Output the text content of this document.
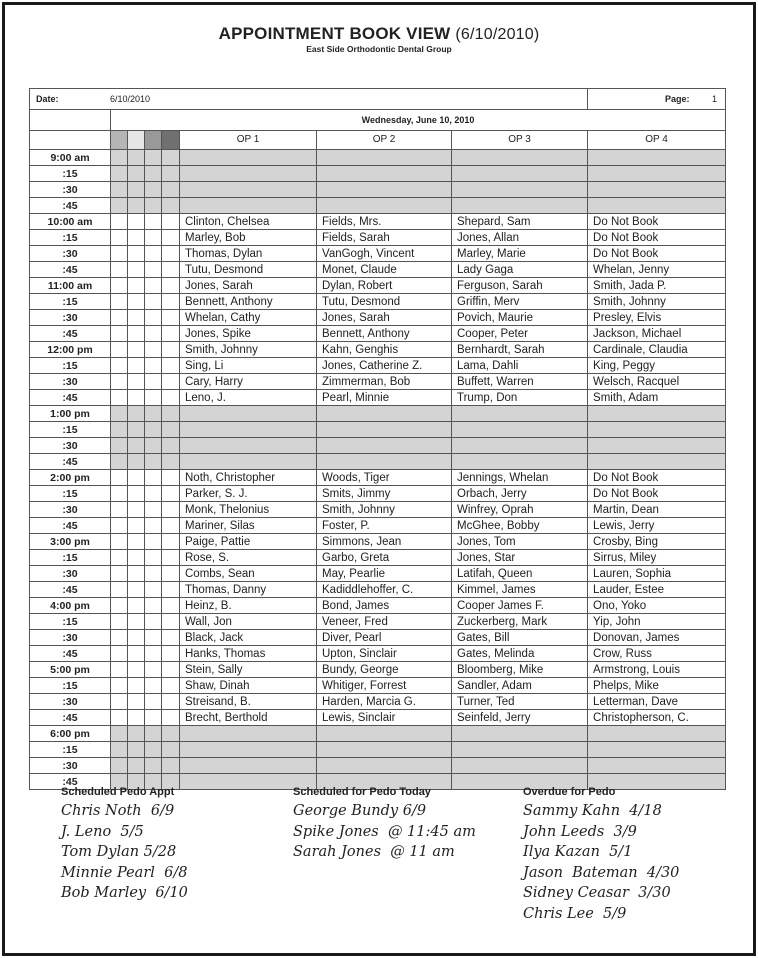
APPOINTMENT BOOK VIEW (6/10/2010)
East Side Orthodontic Dental Group
Date: 6/10/2010								Page: 1
	Wednesday, June 10, 2010							
					OP 1	OP 2	OP 3	OP 4
9:00 am								
:15								
:30								
:45								
10:00 am					Clinton, Chelsea	Fields, Mrs.	Shepard, Sam	Do Not Book
:15					Marley, Bob	Fields, Sarah	Jones, Allan	Do Not Book
:30					Thomas, Dylan	VanGogh, Vincent	Marley, Marie	Do Not Book
:45					Tutu, Desmond	Monet, Claude	Lady Gaga	Whelan, Jenny
11:00 am					Jones, Sarah	Dylan, Robert	Ferguson, Sarah	Smith, Jada P.
:15					Bennett, Anthony	Tutu, Desmond	Griffin, Merv	Smith, Johnny
:30					Whelan, Cathy	Jones, Sarah	Povich, Maurie	Presley, Elvis
:45					Jones, Spike	Bennett, Anthony	Cooper, Peter	Jackson, Michael
12:00 pm					Smith, Johnny	Kahn, Genghis	Bernhardt, Sarah	Cardinale, Claudia
:15					Sing, Li	Jones, Catherine Z.	Lama, Dahli	King, Peggy
:30					Cary, Harry	Zimmerman, Bob	Buffett, Warren	Welsch, Racquel
:45					Leno, J.	Pearl, Minnie	Trump, Don	Smith, Adam
1:00 pm								
:15								
:30								
:45								
2:00 pm					Noth, Christopher	Woods, Tiger	Jennings, Whelan	Do Not Book
:15					Parker, S. J.	Smits, Jimmy	Orbach, Jerry	Do Not Book
:30					Monk, Thelonius	Smith, Johnny	Winfrey, Oprah	Martin, Dean
:45					Mariner, Silas	Foster, P.	McGhee, Bobby	Lewis, Jerry
3:00 pm					Paige, Pattie	Simmons, Jean	Jones, Tom	Crosby, Bing
:15					Rose, S.	Garbo, Greta	Jones, Star	Sirrus, Miley
:30					Combs, Sean	May, Pearlie	Latifah, Queen	Lauren, Sophia
:45					Thomas, Danny	Kadiddlehoffer, C.	Kimmel, James	Lauder, Estee
4:00 pm					Heinz, B.	Bond, James	Cooper James F.	Ono, Yoko
:15					Wall, Jon	Veneer, Fred	Zuckerberg, Mark	Yip, John
:30					Black, Jack	Diver, Pearl	Gates, Bill	Donovan, James
:45					Hanks, Thomas	Upton, Sinclair	Gates, Melinda	Crow, Russ
5:00 pm					Stein, Sally	Bundy, George	Bloomberg, Mike	Armstrong, Louis
:15					Shaw, Dinah	Whitiger, Forrest	Sandler, Adam	Phelps, Mike
:30					Streisand, B.	Harden, Marcia G.	Turner, Ted	Letterman, Dave
:45					Brecht, Berthold	Lewis, Sinclair	Seinfeld, Jerry	Christopherson, C.
6:00 pm								
:15								
:30								
:45								
Scheduled Pedo Appt
Chris Noth  6/9
J. Leno  5/5
Tom Dylan 5/28
Minnie Pearl  6/8
Bob Marley  6/10
Scheduled for Pedo Today
George Bundy 6/9
Spike Jones  @ 11:45 am
Sarah Jones  @ 11 am
Overdue for Pedo
Sammy Kahn  4/18
John Leeds  3/9
Ilya Kazan  5/1
Jason  Bateman  4/30
Sidney Ceasar  3/30
Chris Lee  5/9
